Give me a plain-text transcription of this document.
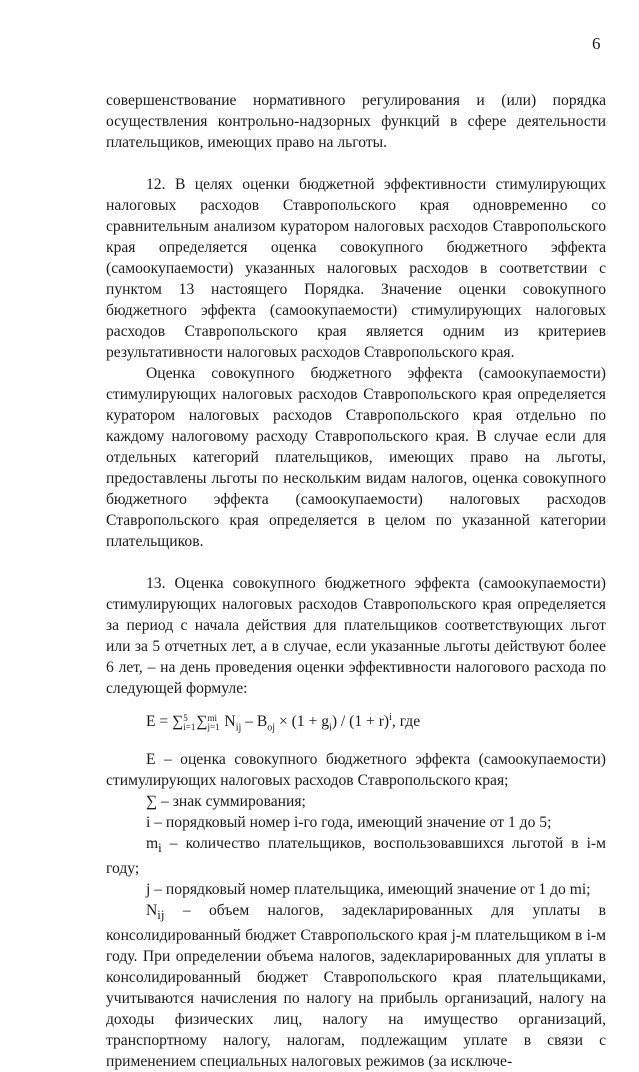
6

совершенствование нормативного регулирования и (или) порядка осуществления контрольно-надзорных функций в сфере деятельности плательщиков, имеющих право на льготы.

12. В целях оценки бюджетной эффективности стимулирующих налоговых расходов Ставропольского края одновременно со сравнительным анализом куратором налоговых расходов Ставропольского края определяется оценка совокупного бюджетного эффекта (самоокупаемости) указанных налоговых расходов в соответствии с пунктом 13 настоящего Порядка. Значение оценки совокупного бюджетного эффекта (самоокупаемости) стимулирующих налоговых расходов Ставропольского края является одним из критериев результативности налоговых расходов Ставропольского края.

Оценка совокупного бюджетного эффекта (самоокупаемости) стимулирующих налоговых расходов Ставропольского края определяется куратором налоговых расходов Ставропольского края отдельно по каждому налоговому расходу Ставропольского края. В случае если для отдельных категорий плательщиков, имеющих право на льготы, предоставлены льготы по нескольким видам налогов, оценка совокупного бюджетного эффекта (самоокупаемости) налоговых расходов Ставропольского края определяется в целом по указанной категории плательщиков.

13. Оценка совокупного бюджетного эффекта (самоокупаемости) стимулирующих налоговых расходов Ставропольского края определяется за период с начала действия для плательщиков соответствующих льгот или за 5 отчетных лет, а в случае, если указанные льготы действуют более 6 лет, – на день проведения оценки эффективности налогового расхода по следующей формуле:

E = ∑5
i=1∑mi
j=1 $N_{ij} - B_{oj} \times (1 + g_i) / (1 + r)^i$, где

E – оценка совокупного бюджетного эффекта (самоокупаемости) стимулирующих налоговых расходов Ставропольского края;

∑ – знак суммирования;

i – порядковый номер i-го года, имеющий значение от 1 до 5;

$m_i$ – количество плательщиков, воспользовавшихся льготой в i-м году;

j – порядковый номер плательщика, имеющий значение от 1 до mi;

$N_{ij}$ – объем налогов, задекларированных для уплаты в консолидированный бюджет Ставропольского края j-м плательщиком в i-м году. При определении объема налогов, задекларированных для уплаты в консолидированный бюджет Ставропольского края плательщиками, учитываются начисления по налогу на прибыль организаций, налогу на доходы физических лиц, налогу на имущество организаций, транспортному налогу, налогам, подлежащим уплате в связи с применением специальных налоговых режимов (за исключе-
